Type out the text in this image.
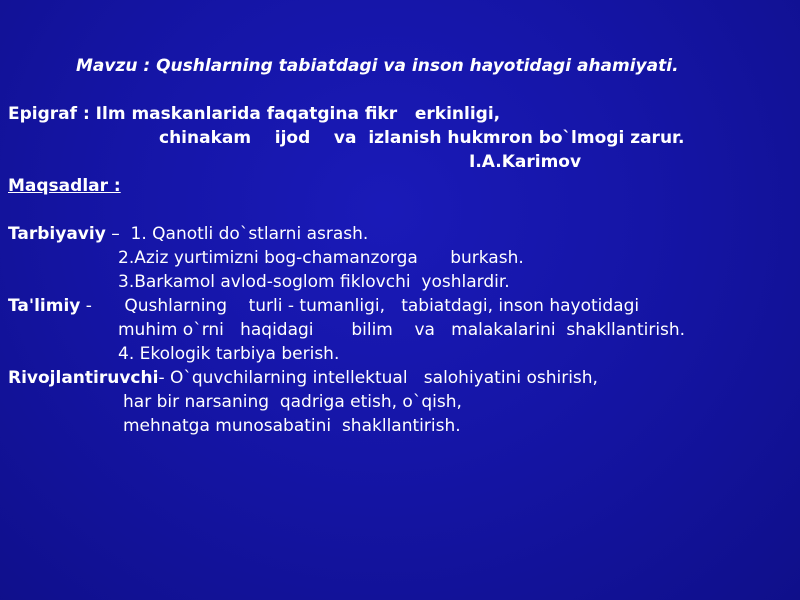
Mavzu : Qushlarning tabiatdagi va inson hayotidagi ahamiyati.
Epigraf : Ilm maskanlarida faqatgina fikr   erkinligi,
chinakam    ijod    va  izlanish hukmron bo`lmogi zarur.
I.A.Karimov
Maqsadlar :
Tarbiyaviy –  1. Qanotli do`stlarni asrash.
2.Aziz yurtimizni bog-chamanzorga      burkash.
3.Barkamol avlod-soglom fiklovchi  yoshlardir.
Ta'limiy -      Qushlarning    turli - tumanligi,   tabiatdagi, inson hayotidagi
muhim o`rni   haqidagi       bilim    va   malakalarini  shakllantirish.
4. Ekologik tarbiya berish.
Rivojlantiruvchi- O`quvchilarning intellektual   salohiyatini oshirish,
har bir narsaning  qadriga etish, o`qish,
mehnatga munosabatini  shakllantirish.
